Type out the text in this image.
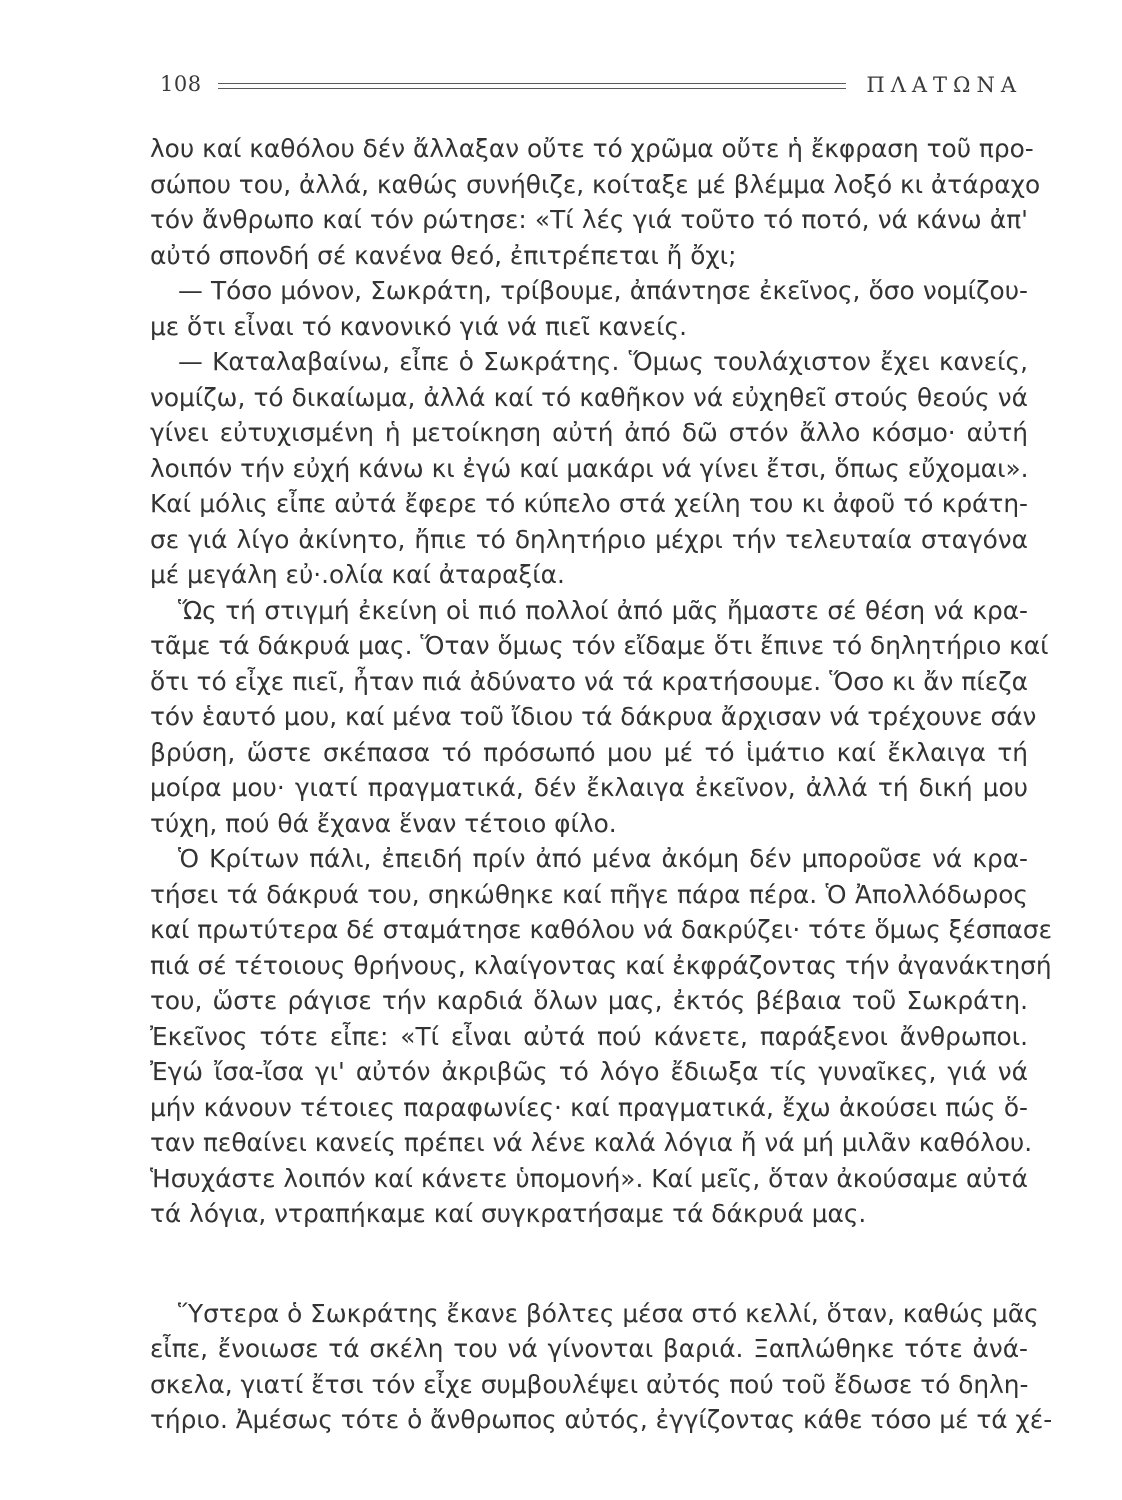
108	ΠΛΑΤΩΝΑ
λου καί καθόλου δέν ἄλλαξαν οὔτε τό χρῶμα οὔτε ἡ ἔκφραση τοῦ προ-
σώπου του, ἀλλά, καθώς συνήθιζε, κοίταξε μέ βλέμμα λοξό κι ἀτάραχο
τόν ἄνθρωπο καί τόν ρώτησε: «Τί λές γιά τοῦτο τό ποτό, νά κάνω ἀπ'
αὐτό σπονδή σέ κανένα θεό, ἐπιτρέπεται ἤ ὄχι;
— Τόσο μόνον, Σωκράτη, τρίβουμε, ἀπάντησε ἐκεῖνος, ὅσο νομίζου-
με ὅτι εἶναι τό κανονικό γιά νά πιεῖ κανείς.
— Καταλαβαίνω, εἶπε ὁ Σωκράτης. Ὅμως τουλάχιστον ἔχει κανείς,
νομίζω, τό δικαίωμα, ἀλλά καί τό καθῆκον νά εὐχηθεῖ στούς θεούς νά
γίνει εὐτυχισμένη ἡ μετοίκηση αὐτή ἀπό δῶ στόν ἄλλο κόσμο· αὐτή
λοιπόν τήν εὐχή κάνω κι ἐγώ καί μακάρι νά γίνει ἔτσι, ὅπως εὔχομαι».
Καί μόλις εἶπε αὐτά ἔφερε τό κύπελο στά χείλη του κι ἀφοῦ τό κράτη-
σε γιά λίγο ἀκίνητο, ἤπιε τό δηλητήριο μέχρι τήν τελευταία σταγόνα
μέ μεγάλη εὐ·.ολία καί ἀταραξία.
Ὥς τή στιγμή ἐκείνη οἱ πιό πολλοί ἀπό μᾶς ἤμαστε σέ θέση νά κρα-
τᾶμε τά δάκρυά μας. Ὅταν ὅμως τόν εἴδαμε ὅτι ἔπινε τό δηλητήριο καί
ὅτι τό εἶχε πιεῖ, ἦταν πιά ἀδύνατο νά τά κρατήσουμε. Ὅσο κι ἄν πίεζα
τόν ἑαυτό μου, καί μένα τοῦ ἴδιου τά δάκρυα ἄρχισαν νά τρέχουνε σάν
βρύση, ὥστε σκέπασα τό πρόσωπό μου μέ τό ἱμάτιο καί ἔκλαιγα τή
μοίρα μου· γιατί πραγματικά, δέν ἔκλαιγα ἐκεῖνον, ἀλλά τή δική μου
τύχη, πού θά ἔχανα ἕναν τέτοιο φίλο.
Ὁ Κρίτων πάλι, ἐπειδή πρίν ἀπό μένα ἀκόμη δέν μποροῦσε νά κρα-
τήσει τά δάκρυά του, σηκώθηκε καί πῆγε πάρα πέρα. Ὁ Ἀπολλόδωρος
καί πρωτύτερα δέ σταμάτησε καθόλου νά δακρύζει· τότε ὅμως ξέσπασε
πιά σέ τέτοιους θρήνους, κλαίγοντας καί ἐκφράζοντας τήν ἀγανάκτησή
του, ὥστε ράγισε τήν καρδιά ὅλων μας, ἐκτός βέβαια τοῦ Σωκράτη.
Ἐκεῖνος τότε εἶπε: «Τί εἶναι αὐτά πού κάνετε, παράξενοι ἄνθρωποι.
Ἐγώ ἴσα-ἴσα γι' αὐτόν ἀκριβῶς τό λόγο ἔδιωξα τίς γυναῖκες, γιά νά
μήν κάνουν τέτοιες παραφωνίες· καί πραγματικά, ἔχω ἀκούσει πώς ὅ-
ταν πεθαίνει κανείς πρέπει νά λένε καλά λόγια ἤ νά μή μιλᾶν καθόλου.
Ἡσυχάστε λοιπόν καί κάνετε ὑπομονή». Καί μεῖς, ὅταν ἀκούσαμε αὐτά
τά λόγια, ντραπήκαμε καί συγκρατήσαμε τά δάκρυά μας.
Ὕστερα ὁ Σωκράτης ἔκανε βόλτες μέσα στό κελλί, ὅταν, καθώς μᾶς
εἶπε, ἔνοιωσε τά σκέλη του νά γίνονται βαριά. Ξαπλώθηκε τότε ἀνά-
σκελα, γιατί ἔτσι τόν εἶχε συμβουλέψει αὐτός πού τοῦ ἔδωσε τό δηλη-
τήριο. Ἀμέσως τότε ὁ ἄνθρωπος αὐτός, ἐγγίζοντας κάθε τόσο μέ τά χέ-
